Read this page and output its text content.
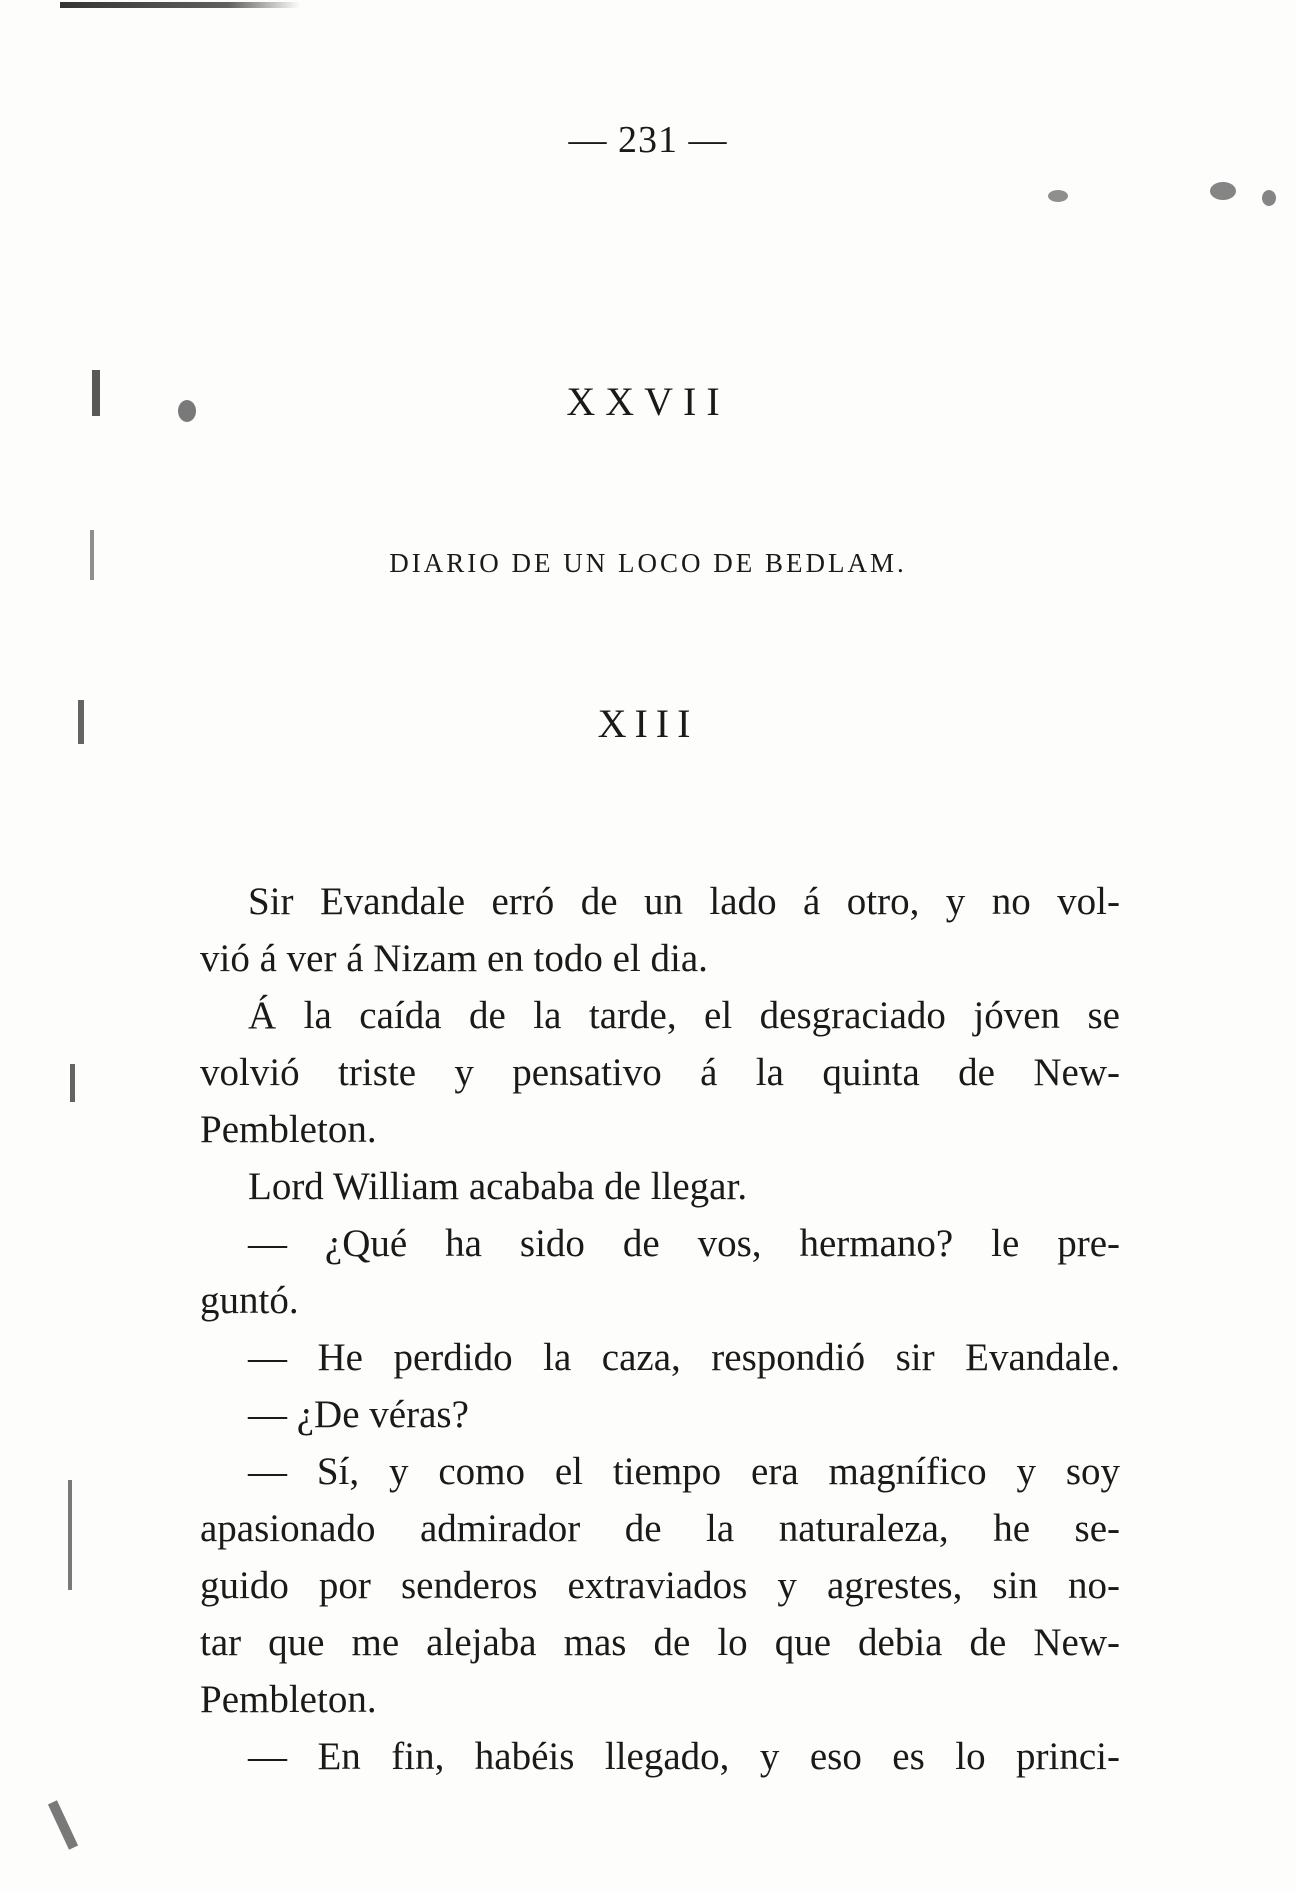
— 231 —
XXVII
DIARIO DE UN LOCO DE BEDLAM.
XIII
Sir Evandale erró de un lado á otro, y no vol-
vió á ver á Nizam en todo el dia.
Á la caída de la tarde, el desgraciado jóven se
volvió triste y pensativo á la quinta de New-
Pembleton.
Lord William acababa de llegar.
— ¿Qué ha sido de vos, hermano? le pre-
guntó.
— He perdido la caza, respondió sir Evandale.
— ¿De véras?
— Sí, y como el tiempo era magnífico y soy
apasionado admirador de la naturaleza, he se-
guido por senderos extraviados y agrestes, sin no-
tar que me alejaba mas de lo que debia de New-
Pembleton.
— En fin, habéis llegado, y eso es lo princi-
